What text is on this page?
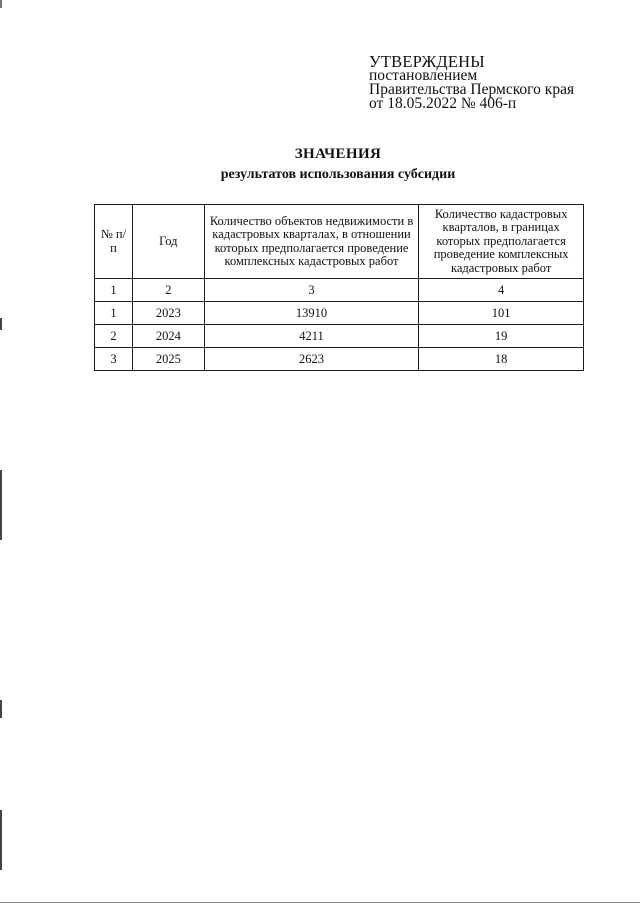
УТВЕРЖДЕНЫ
постановлением
Правительства Пермского края
от 18.05.2022 № 406-п
ЗНАЧЕНИЯ
результатов использования субсидии
№ п/п	Год	Количество объектов недвижимости в кадастровых кварталах, в отношении которых предполагается проведение комплексных кадастровых работ	Количество кадастровых кварталов, в границах которых предполагается проведение комплексных кадастровых работ
1	2	3	4
1	2023	13910	101
2	2024	4211	19
3	2025	2623	18
